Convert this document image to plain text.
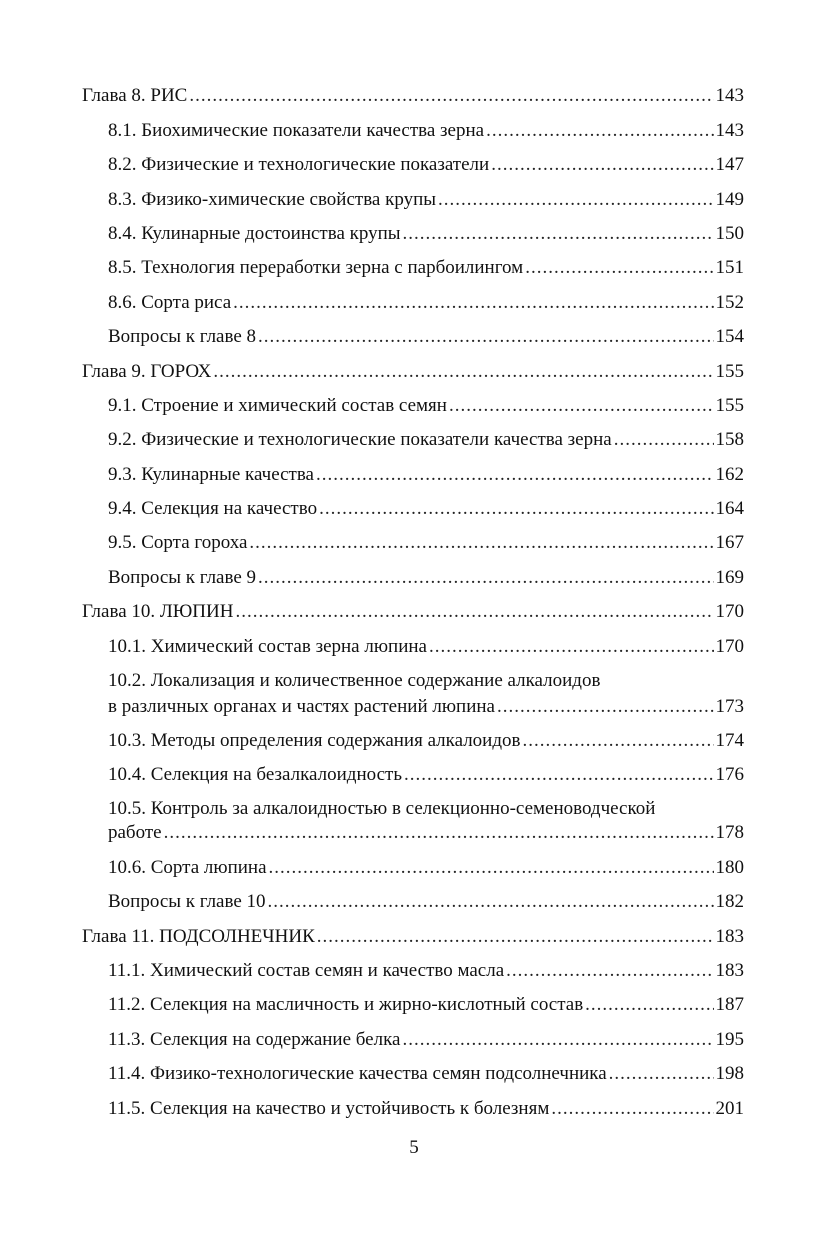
Глава 8. РИС .....	143
8.1. Биохимические показатели качества зерна .....	143
8.2. Физические и технологические показатели .....	147
8.3. Физико-химические свойства крупы .....	149
8.4. Кулинарные достоинства крупы .....	150
8.5. Технология переработки зерна с парбоилингом .....	151
8.6. Сорта риса .....	152
Вопросы к главе 8 .....	154
Глава 9. ГОРОХ .....	155
9.1. Строение и химический состав семян .....	155
9.2. Физические и технологические показатели качества зерна .....	158
9.3. Кулинарные качества .....	162
9.4. Селекция на качество .....	164
9.5. Сорта гороха .....	167
Вопросы к главе 9 .....	169
Глава 10. ЛЮПИН .....	170
10.1. Химический состав зерна люпина .....	170
10.2. Локализация и количественное содержание алкалоидов
в различных органах и частях растений люпина .....	173
10.3. Методы определения содержания алкалоидов .....	174
10.4. Селекция на безалкалоидность .....	176
10.5. Контроль за алкалоидностью в селекционно-семеноводческой
работе .....	178
10.6. Сорта люпина .....	180
Вопросы к главе 10 .....	182
Глава 11. ПОДСОЛНЕЧНИК .....	183
11.1. Химический состав семян и качество масла .....	183
11.2. Селекция на масличность и жирно-кислотный состав .....	187
11.3. Селекция на содержание белка .....	195
11.4. Физико-технологические качества семян подсолнечника .....	198
11.5. Селекция на качество и устойчивость к болезням .....	201
5
